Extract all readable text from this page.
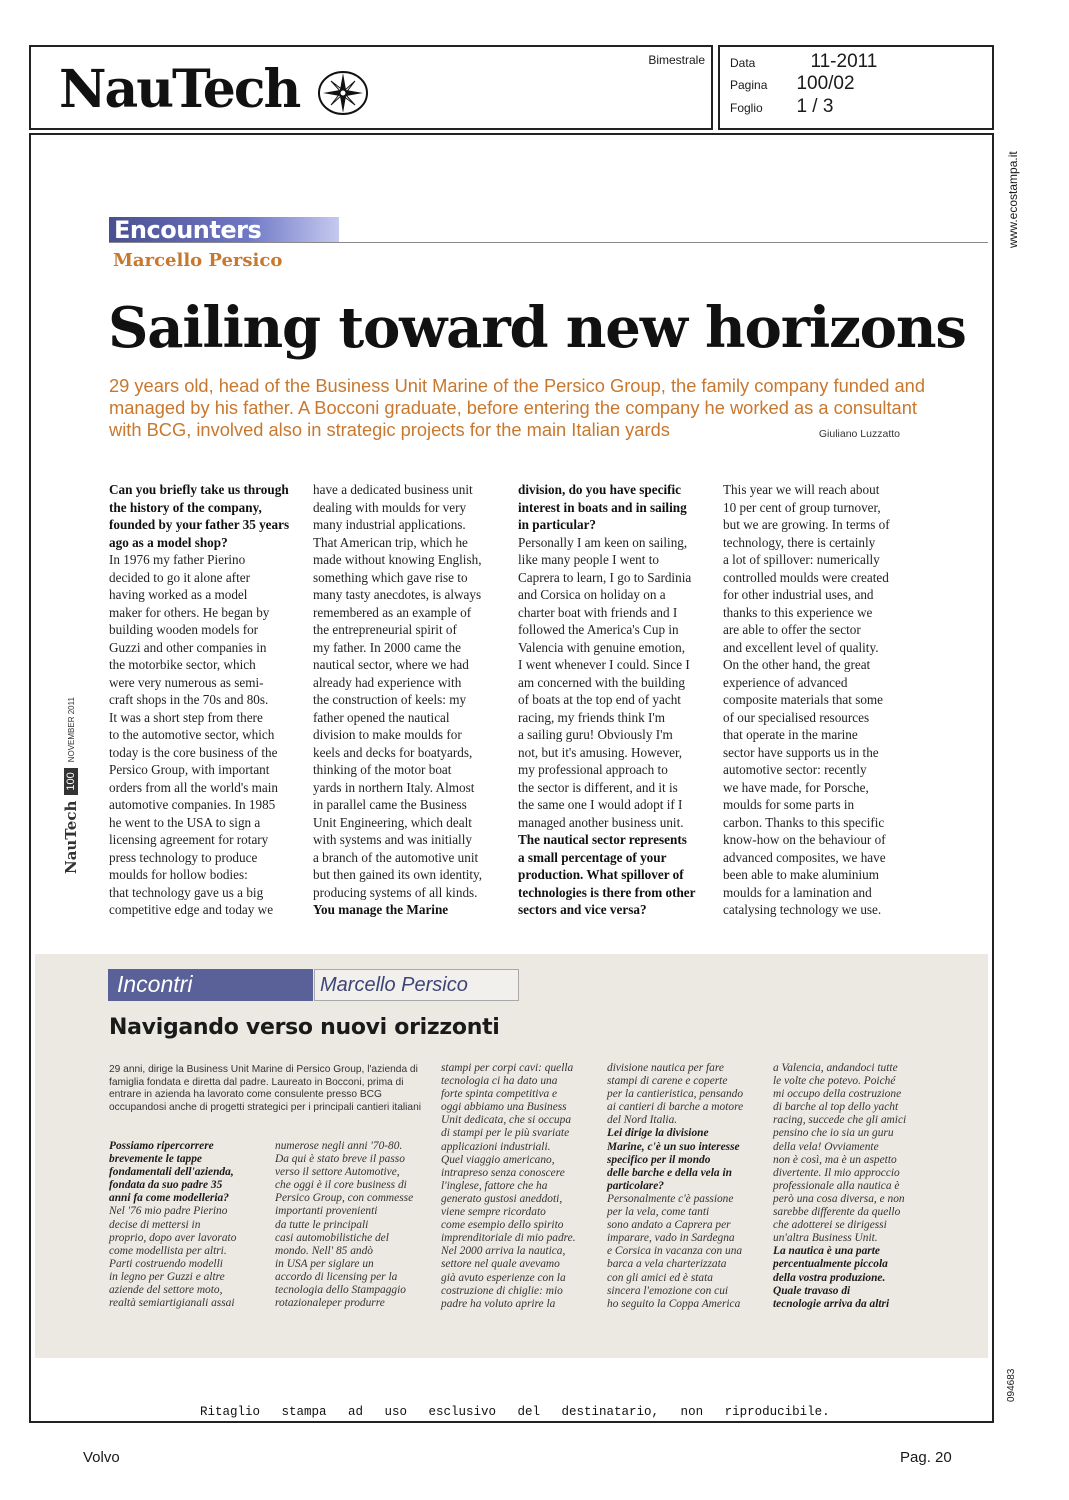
NauTech	Bimestrale Data	11-2011
Pagina 100/02
Foglio 1 / 3
www.ecostampa.it
094683
Encounters
Marcello Persico
Sailing toward new horizons

29 years old, head of the Business Unit Marine of the Persico Group, the family company funded and managed by his father. A Bocconi graduate, before entering the company he worked as a consultant with BCG, involved also in strategic projects for the main Italian yards	Giuliano Luzzatto
Can you briefly take us through
the history of the company,
founded by your father 35 years
ago as a model shop?
In 1976 my father Pierino
decided to go it alone after
having worked as a model
maker for others. He began by
building wooden models for
Guzzi and other companies in
the motorbike sector, which
were very numerous as semi-
craft shops in the 70s and 80s.
It was a short step from there
to the automotive sector, which
today is the core business of the
Persico Group, with important
orders from all the world's main
automotive companies. In 1985
he went to the USA to sign a
licensing agreement for rotary
press technology to produce
moulds for hollow bodies:
that technology gave us a big
competitive edge and today we
have a dedicated business unit
dealing with moulds for very
many industrial applications.
That American trip, which he
made without knowing English,
something which gave rise to
many tasty anecdotes, is always
remembered as an example of
the entrepreneurial spirit of
my father. In 2000 came the
nautical sector, where we had
already had experience with
the construction of keels: my
father opened the nautical
division to make moulds for
keels and decks for boatyards,
thinking of the motor boat
yards in northern Italy. Almost
in parallel came the Business
Unit Engineering, which dealt
with systems and was initially
a branch of the automotive unit
but then gained its own identity,
producing systems of all kinds.
You manage the Marine
division, do you have specific
interest in boats and in sailing
in particular?
Personally I am keen on sailing,
like many people I went to
Caprera to learn, I go to Sardinia
and Corsica on holiday on a
charter boat with friends and I
followed the America's Cup in
Valencia with genuine emotion,
I went whenever I could. Since I
am concerned with the building
of boats at the top end of yacht
racing, my friends think I'm
a sailing guru! Obviously I'm
not, but it's amusing. However,
my professional approach to
the sector is different, and it is
the same one I would adopt if I
managed another business unit.
The nautical sector represents
a small percentage of your
production. What spillover of
technologies is there from other
sectors and vice versa?
This year we will reach about
10 per cent of group turnover,
but we are growing. In terms of
technology, there is certainly
a lot of spillover: numerically
controlled moulds were created
for other industrial uses, and
thanks to this experience we
are able to offer the sector
and excellent level of quality.
On the other hand, the great
experience of advanced
composite materials that some
of our specialised resources
that operate in the marine
sector have supports us in the
automotive sector: recently
we have made, for Porsche,
moulds for some parts in
carbon. Thanks to this specific
know-how on the behaviour of
advanced composites, we have
been able to make aluminium
moulds for a lamination and
catalysing technology we use.
NauTech
100
NOVEMBER 2011
Incontri	Marcello Persico
Navigando verso nuovi orizzonti

29 anni, dirige la Business Unit Marine di Persico Group, l'azienda di famiglia fondata e diretta dal padre. Laureato in Bocconi, prima di entrare in azienda ha lavorato come consulente presso BCG occupandosi anche di progetti strategici per i principali cantieri italiani

Possiamo ripercorrere
brevemente le tappe
fondamentali dell'azienda,
fondata da suo padre 35
anni fa come modelleria?
Nel '76 mio padre Pierino
decise di mettersi in
proprio, dopo aver lavorato
come modellista per altri.
Parti costruendo modelli
in legno per Guzzi e altre
aziende del settore moto,
realtà semiartigianali assai
numerose negli anni '70-80.
Da qui è stato breve il passo
verso il settore Automotive,
che oggi è il core business di
Persico Group, con commesse
importanti provenienti
da tutte le principali
casi automobilistiche del
mondo. Nell' 85 andò
in USA per siglare un
accordo di licensing per la
tecnologia dello Stampaggio
rotazionaleper produrre
stampi per corpi cavi: quella
tecnologia ci ha dato una
forte spinta competitiva e
oggi abbiamo una Business
Unit dedicata, che si occupa
di stampi per le più svariate
applicazioni industriali.
Quel viaggio americano,
intrapreso senza conoscere
l'inglese, fattore che ha
generato gustosi aneddoti,
viene sempre ricordato
come esempio dello spirito
imprenditoriale di mio padre.
Nel 2000 arriva la nautica,
settore nel quale avevamo
già avuto esperienze con la
costruzione di chiglie: mio
padre ha voluto aprire la
divisione nautica per fare
stampi di carene e coperte
per la cantieristica, pensando
ai cantieri di barche a motore
del Nord Italia.
Lei dirige la divisione
Marine, c'è un suo interesse
specifico per il mondo
delle barche e della vela in
particolare?
Personalmente c'è passione
per la vela, come tanti
sono andato a Caprera per
imparare, vado in Sardegna
e Corsica in vacanza con una
barca a vela charterizzata
con gli amici ed è stata
sincera l'emozione con cui
ho seguito la Coppa America
a Valencia, andandoci tutte
le volte che potevo. Poiché
mi occupo della costruzione
di barche al top dello yacht
racing, succede che gli amici
pensino che io sia un guru
della vela! Ovviamente
non è così, ma è un aspetto
divertente. Il mio approccio
professionale alla nautica è
però una cosa diversa, e non
sarebbe differente da quello
che adotterei se dirigessi
un'altra Business Unit.
La nautica è una parte
percentualmente piccola
della vostra produzione.
Quale travaso di
tecnologie arriva da altri
Ritaglio stampa ad uso esclusivo del destinatario, non riproducibile.
Volvo	Pag. 20
